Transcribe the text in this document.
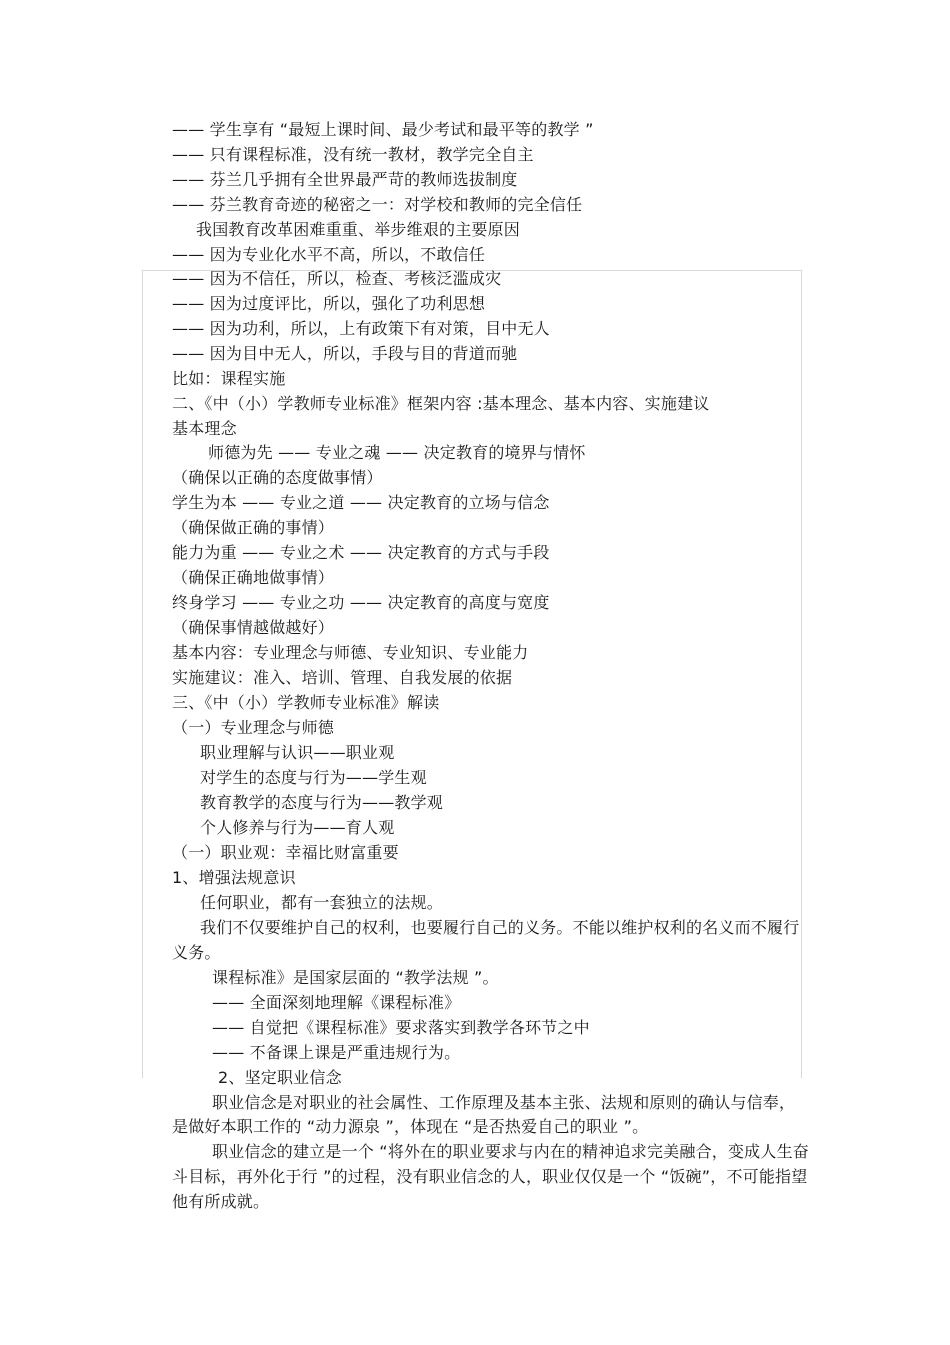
—— 学生享有 “最短上课时间、最少考试和最平等的教学 ”
—— 只有课程标准，没有统一教材，教学完全自主
—— 芬兰几乎拥有全世界最严苛的教师选拔制度
—— 芬兰教育奇迹的秘密之一：对学校和教师的完全信任
我国教育改革困难重重、举步维艰的主要原因
—— 因为专业化水平不高，所以，不敢信任
—— 因为不信任，所以，检查、考核泛滥成灾
—— 因为过度评比，所以，强化了功利思想
—— 因为功利，所以，上有政策下有对策，目中无人
—— 因为目中无人，所以，手段与目的背道而驰
比如：课程实施
二、《中（小）学教师专业标准》框架内容 :基本理念、基本内容、实施建议
基本理念
师德为先 —— 专业之魂 —— 决定教育的境界与情怀
（确保以正确的态度做事情）
学生为本 —— 专业之道 —— 决定教育的立场与信念
（确保做正确的事情）
能力为重 —— 专业之术 —— 决定教育的方式与手段
（确保正确地做事情）
终身学习 —— 专业之功 —— 决定教育的高度与宽度
（确保事情越做越好）
基本内容：专业理念与师德、专业知识、专业能力
实施建议：准入、培训、管理、自我发展的依据
三、《中（小）学教师专业标准》解读
（一）专业理念与师德
职业理解与认识——职业观
对学生的态度与行为——学生观
教育教学的态度与行为——教学观
个人修养与行为——育人观
（一）职业观：幸福比财富重要
1、增强法规意识
任何职业，都有一套独立的法规。
我们不仅要维护自己的权利，也要履行自己的义务。不能以维护权利的名义而不履行
义务。
课程标准》是国家层面的 “教学法规 ”。
—— 全面深刻地理解《课程标准》
—— 自觉把《课程标准》要求落实到教学各环节之中
—— 不备课上课是严重违规行为。
2、坚定职业信念
职业信念是对职业的社会属性、工作原理及基本主张、法规和原则的确认与信奉，
是做好本职工作的 “动力源泉 ”，体现在 “是否热爱自己的职业 ”。
职业信念的建立是一个 “将外在的职业要求与内在的精神追求完美融合，变成人生奋
斗目标，再外化于行 ”的过程，没有职业信念的人，职业仅仅是一个 “饭碗”，不可能指望
他有所成就。
